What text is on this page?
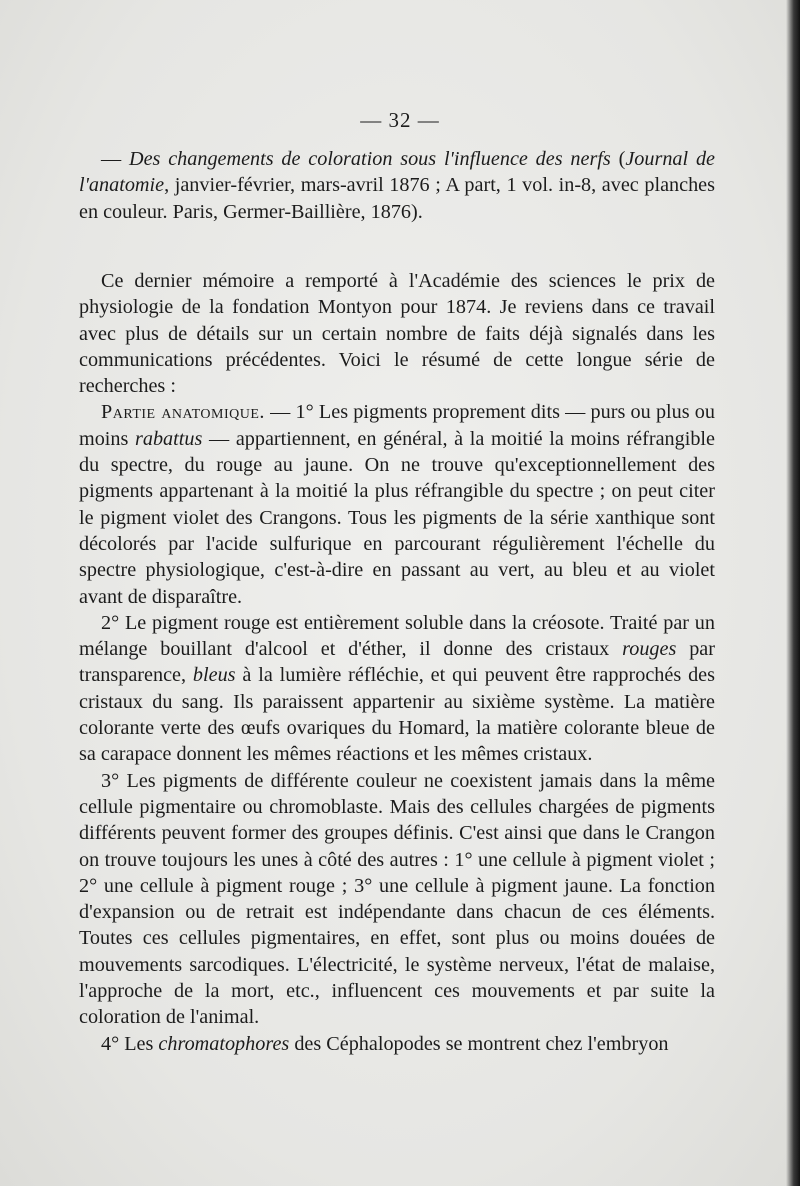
— 32 —

— Des changements de coloration sous l'influence des nerfs (Journal de l'anatomie, janvier-février, mars-avril 1876 ; A part, 1 vol. in-8, avec planches en couleur. Paris, Germer-Baillière, 1876).

Ce dernier mémoire a remporté à l'Académie des sciences le prix de physiologie de la fondation Montyon pour 1874. Je reviens dans ce travail avec plus de détails sur un certain nombre de faits déjà signalés dans les communications précédentes. Voici le résumé de cette longue série de recherches :

Partie anatomique. — 1° Les pigments proprement dits — purs ou plus ou moins rabattus — appartiennent, en général, à la moitié la moins réfrangible du spectre, du rouge au jaune. On ne trouve qu'exceptionnellement des pigments appartenant à la moitié la plus réfrangible du spectre ; on peut citer le pigment violet des Crangons. Tous les pigments de la série xanthique sont décolorés par l'acide sulfurique en parcourant régulièrement l'échelle du spectre physiologique, c'est-à-dire en passant au vert, au bleu et au violet avant de disparaître.

2° Le pigment rouge est entièrement soluble dans la créosote. Traité par un mélange bouillant d'alcool et d'éther, il donne des cristaux rouges par transparence, bleus à la lumière réfléchie, et qui peuvent être rapprochés des cristaux du sang. Ils paraissent appartenir au sixième système. La matière colorante verte des œufs ovariques du Homard, la matière colorante bleue de sa carapace donnent les mêmes réactions et les mêmes cristaux.

3° Les pigments de différente couleur ne coexistent jamais dans la même cellule pigmentaire ou chromoblaste. Mais des cellules chargées de pigments différents peuvent former des groupes définis. C'est ainsi que dans le Crangon on trouve toujours les unes à côté des autres : 1° une cellule à pigment violet ; 2° une cellule à pigment rouge ; 3° une cellule à pigment jaune. La fonction d'expansion ou de retrait est indépendante dans chacun de ces éléments. Toutes ces cellules pigmentaires, en effet, sont plus ou moins douées de mouvements sarcodiques. L'électricité, le système nerveux, l'état de malaise, l'approche de la mort, etc., influencent ces mouvements et par suite la coloration de l'animal.

4° Les chromatophores des Céphalopodes se montrent chez l'embryon
